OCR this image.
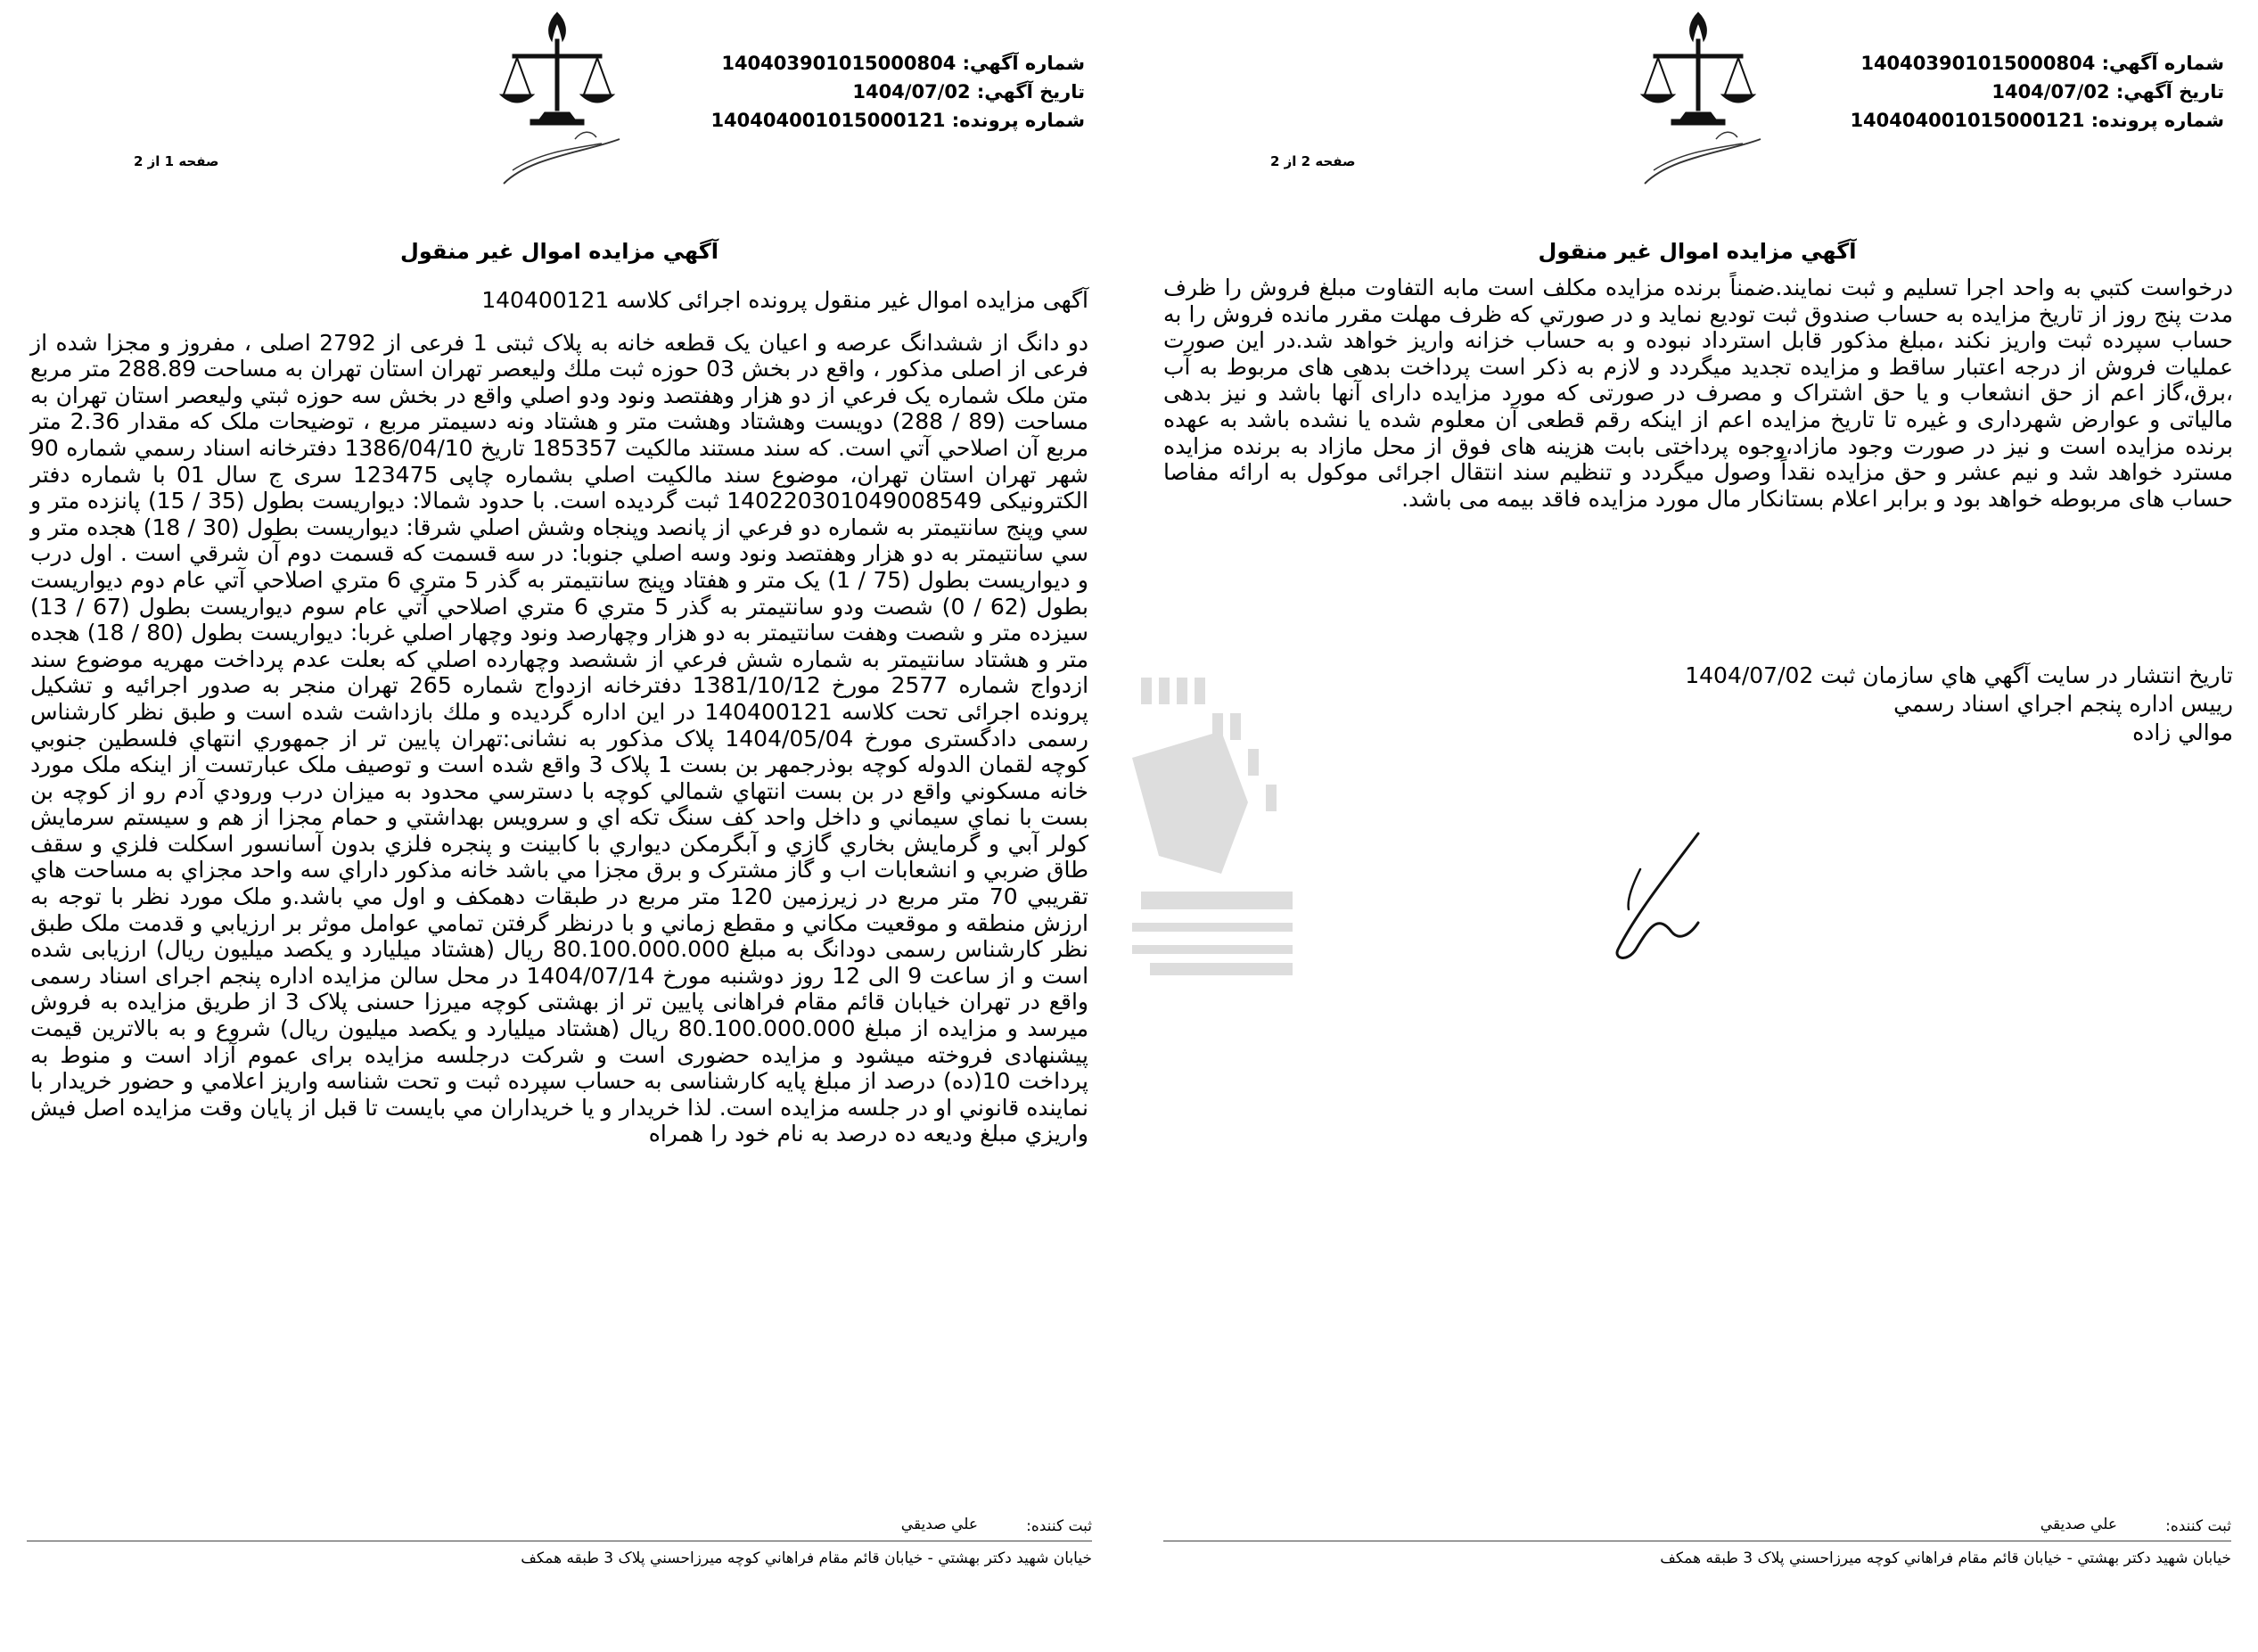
شماره آگهي: 140403901015000804
تاريخ آگهي: 1404/07/02
شماره پرونده: 140404001015000121
صفحه 1 از 2
آگهي مزايده اموال غير منقول
آگهی مزایده اموال غیر منقول پرونده اجرائی کلاسه 140400121
دو دانگ از ششدانگ عرصه و اعیان یک قطعه خانه به پلاک ثبتی 1 فرعی از 2792 اصلی ، مفروز و مجزا شده از فرعی از اصلی مذکور ، واقع در بخش 03 حوزه ثبت ملك وليعصر تهران استان تهران به مساحت 288.89 متر مربع متن ملک شماره یک فرعي از دو هزار وهفتصد ونود ودو اصلي واقع در بخش سه حوزه ثبتي وليعصر استان تهران به مساحت (89 / 288) دويست وهشتاد وهشت متر و هشتاد ونه دسيمتر مربع ، توضیحات ملک که مقدار 2.36 متر مربع آن اصلاحي آتي است. که سند مستند مالکیت 185357 تاریخ 1386/04/10 دفترخانه اسناد رسمي شماره 90 شهر تهران استان تهران، موضوع سند مالکیت اصلي بشماره چاپی 123475 سری ج سال 01 با شماره دفتر الکترونیکی 140220301049008549 ثبت گرديده است. با حدود شمالا: ديواريست بطول (35 / 15) پانزده متر و سي وپنج سانتيمتر به شماره دو فرعي از پانصد وپنجاه وشش اصلي شرقا: ديواريست بطول (30 / 18) هجده متر و سي سانتيمتر به دو هزار وهفتصد ونود وسه اصلي جنوبا: در سه قسمت كه قسمت دوم آن شرقي است . اول درب و ديواريست بطول (75 / 1) يک متر و هفتاد وپنج سانتيمتر به گذر 5 متري 6 متري اصلاحي آتي عام دوم ديواريست بطول (62 / 0) شصت ودو سانتيمتر به گذر 5 متري 6 متري اصلاحي آتي عام سوم ديواريست بطول (67 / 13) سيزده متر و شصت وهفت سانتيمتر به دو هزار وچهارصد ونود وچهار اصلي غربا: ديواريست بطول (80 / 18) هجده متر و هشتاد سانتيمتر به شماره شش فرعي از ششصد وچهارده اصلي كه بعلت عدم پرداخت مهريه موضوع سند ازدواج شماره 2577 مورخ 1381/10/12 دفترخانه ازدواج شماره 265 تهران منجر به صدور اجرائيه و تشکیل پرونده اجرائی تحت كلاسه 140400121 در این اداره گرديده و ملك بازداشت شده است و طبق نظر كارشناس رسمی دادگستری مورخ 1404/05/04 پلاک مذکور به نشانی:تهران پايين تر از جمهوري انتهاي فلسطين جنوبي كوچه لقمان الدوله كوچه بوذرجمهر بن بست 1 پلاک 3 واقع شده است و توصيف ملک عبارتست از اينكه ملک مورد خانه مسكوني واقع در بن بست انتهاي شمالي كوچه با دسترسي محدود به ميزان درب ورودي آدم رو از كوچه بن بست با نماي سيماني و داخل واحد كف سنگ تكه اي و سرويس بهداشتي و حمام مجزا از هم و سيستم سرمايش كولر آبي و گرمايش بخاري گازي و آبگرمكن ديواري با كابينت و پنجره فلزي بدون آسانسور اسكلت فلزي و سقف طاق ضربي و انشعابات اب و گاز مشترک و برق مجزا مي باشد خانه مذكور داراي سه واحد مجزاي به مساحت هاي تقريبي 70 متر مربع در زيرزمين 120 متر مربع در طبقات دهمكف و اول مي باشد.و ملک مورد نظر با توجه به ارزش منطقه و موقعیت مكاني و مقطع زماني و با درنظر گرفتن تمامي عوامل موثر بر ارزيابي و قدمت ملک طبق نظر کارشناس رسمی دودانگ به مبلغ 80.100.000.000 ریال (هشتاد میلیارد و یکصد میلیون ریال) ارزیابی شده است و از ساعت 9 الی 12 روز دوشنبه مورخ 1404/07/14 در محل سالن مزایده اداره پنجم اجرای اسناد رسمی واقع در تهران خيابان قائم مقام فراهانی پایین تر از بهشتی کوچه میرزا حسنی پلاک 3 از طریق مزایده به فروش میرسد و مزایده از مبلغ 80.100.000.000 ریال (هشتاد میلیارد و یکصد میلیون ریال) شروع و به بالاترین قیمت پیشنهادی فروخته میشود و مزایده حضوری است و شرکت درجلسه مزایده برای عموم آزاد است و منوط به پرداخت 10(ده) درصد از مبلغ پایه کارشناسی به حساب سپرده ثبت و تحت شناسه واريز اعلامي و حضور خريدار با نماينده قانوني او در جلسه مزايده است. لذا خريدار و يا خريداران مي بايست تا قبل از پايان وقت مزايده اصل فيش واريزي مبلغ وديعه ده درصد به نام خود را همراه
ثبت كننده:
علي صديقي
خيابان شهيد دكتر بهشتي - خيابان قائم مقام فراهاني کوچه ميرزاحسني پلاک 3 طبقه همکف
شماره آگهي: 140403901015000804
تاريخ آگهي: 1404/07/02
شماره پرونده: 140404001015000121
صفحه 2 از 2
آگهي مزايده اموال غير منقول
درخواست كتبي به واحد اجرا تسليم و ثبت نمايند.ضمناً برنده مزايده مكلف است مابه التفاوت مبلغ فروش را ظرف مدت پنج روز از تاريخ مزايده به حساب صندوق ثبت توديع نمايد و در صورتي كه ظرف مهلت مقرر مانده فروش را به حساب سپرده ثبت واريز نكند ،مبلغ مذکور قابل استرداد نبوده و به حساب خزانه واريز خواهد شد.در این صورت عملیات فروش از درجه اعتبار ساقط و مزایده تجدید میگردد و لازم به ذکر است پرداخت بدهی های مربوط به آب ،برق،گاز اعم از حق انشعاب و یا حق اشتراک و مصرف در صورتی که مورد مزایده دارای آنها باشد و نیز بدهی مالیاتی و عوارض شهرداری و غیره تا تاریخ مزایده اعم از اینکه رقم قطعی آن معلوم شده یا نشده باشد به عهده برنده مزایده است و نیز در صورت وجود مازاد،وجوه پرداختی بابت هزینه های فوق از محل مازاد به برنده مزایده مسترد خواهد شد و نیم عشر و حق مزایده نقداً وصول میگردد و تنظیم سند انتقال اجرائی موکول به ارائه مفاصا حساب های مربوطه خواهد بود و برابر اعلام بستانکار مال مورد مزایده فاقد بیمه می باشد.
تاريخ انتشار در سايت آگهي هاي سازمان ثبت 1404/07/02
رييس اداره پنجم اجراي اسناد رسمي
موالي زاده
ثبت كننده:
علي صديقي
خيابان شهيد دكتر بهشتي - خيابان قائم مقام فراهاني کوچه ميرزاحسني پلاک 3 طبقه همکف
